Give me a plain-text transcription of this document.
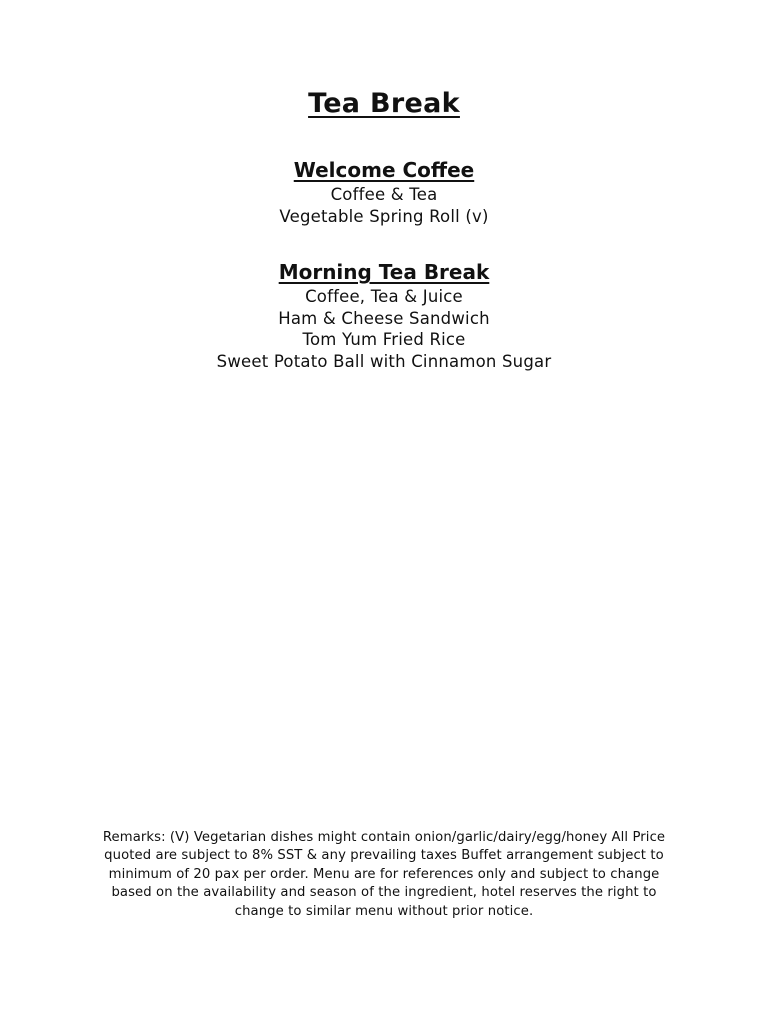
Tea Break
Welcome Coffee
Coffee & Tea
Vegetable Spring Roll (v)
Morning Tea Break
Coffee, Tea & Juice
Ham & Cheese Sandwich
Tom Yum Fried Rice
Sweet Potato Ball with Cinnamon Sugar

Remarks: (V) Vegetarian dishes might contain onion/garlic/dairy/egg/honey All Price quoted are subject to 8% SST & any prevailing taxes Buffet arrangement subject to minimum of 20 pax per order. Menu are for references only and subject to change based on the availability and season of the ingredient, hotel reserves the right to change to similar menu without prior notice.
